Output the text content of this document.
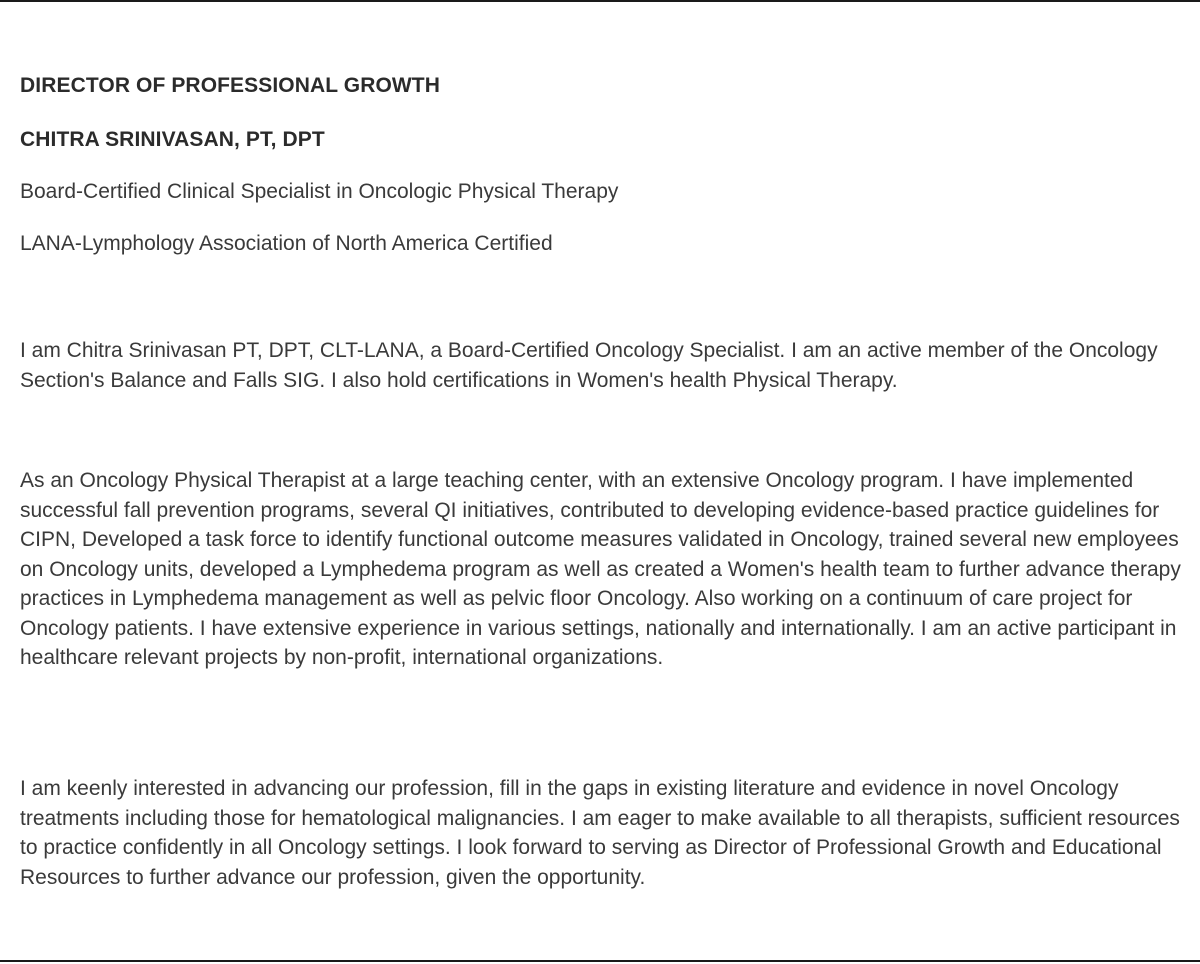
DIRECTOR OF PROFESSIONAL GROWTH
CHITRA SRINIVASAN, PT, DPT
Board-Certified Clinical Specialist in Oncologic Physical Therapy
LANA-Lymphology Association of North America Certified

I am Chitra Srinivasan PT, DPT, CLT-LANA, a Board-Certified Oncology Specialist. I am an active member of the Oncology Section's Balance and Falls SIG. I also hold certifications in Women's health Physical Therapy.

As an Oncology Physical Therapist at a large teaching center, with an extensive Oncology program. I have implemented successful fall prevention programs, several QI initiatives, contributed to developing evidence-based practice guidelines for CIPN, Developed a task force to identify functional outcome measures validated in Oncology, trained several new employees on Oncology units, developed a Lymphedema program as well as created a Women's health team to further advance therapy practices in Lymphedema management as well as pelvic floor Oncology. Also working on a continuum of care project for Oncology patients. I have extensive experience in various settings, nationally and internationally. I am an active participant in healthcare relevant projects by non-profit, international organizations.

I am keenly interested in advancing our profession, fill in the gaps in existing literature and evidence in novel Oncology treatments including those for hematological malignancies. I am eager to make available to all therapists, sufficient resources to practice confidently in all Oncology settings. I look forward to serving as Director of Professional Growth and Educational Resources to further advance our profession, given the opportunity.
